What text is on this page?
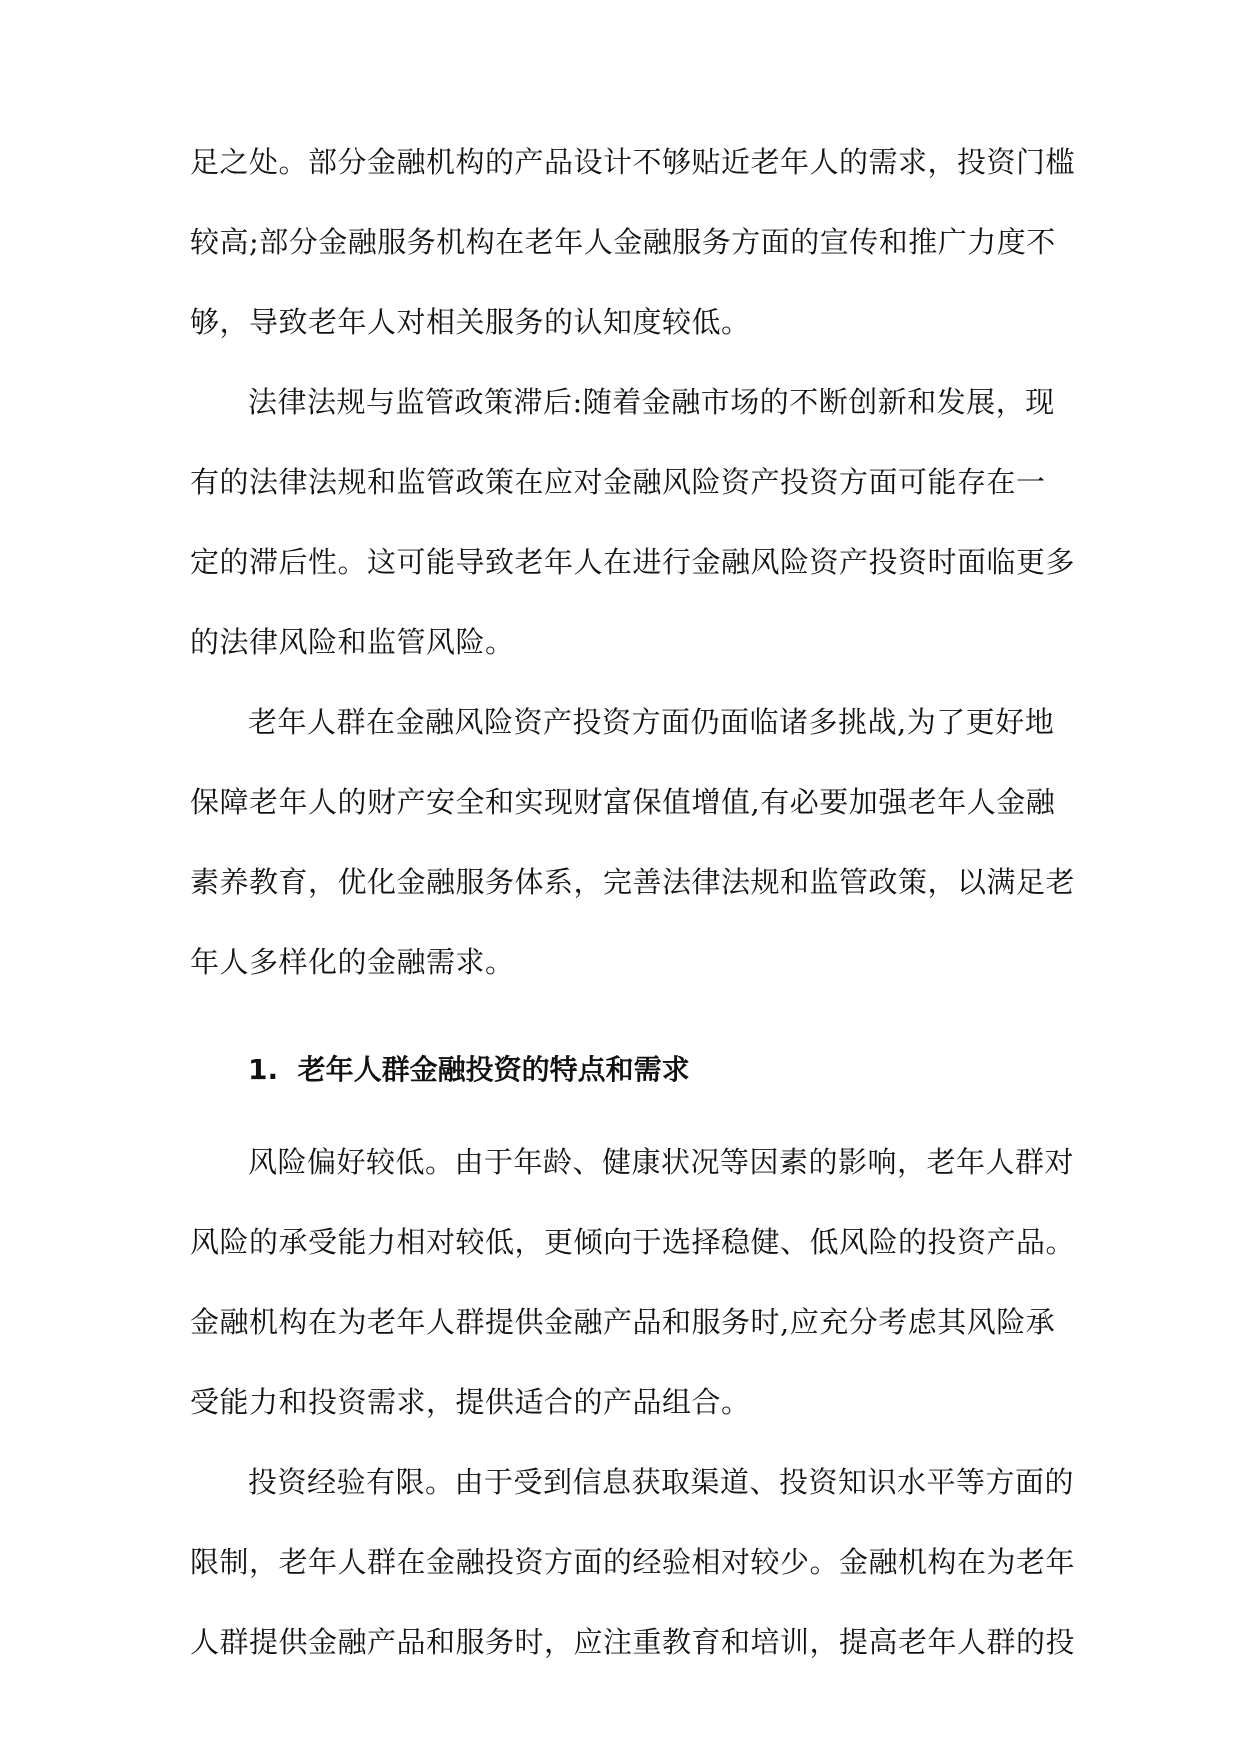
足之处。部分金融机构的产品设计不够贴近老年人的需求，投资门槛

较高;部分金融服务机构在老年人金融服务方面的宣传和推广力度不

够，导致老年人对相关服务的认知度较低。

法律法规与监管政策滞后:随着金融市场的不断创新和发展，现

有的法律法规和监管政策在应对金融风险资产投资方面可能存在一

定的滞后性。这可能导致老年人在进行金融风险资产投资时面临更多

的法律风险和监管风险。

老年人群在金融风险资产投资方面仍面临诸多挑战,为了更好地

保障老年人的财产安全和实现财富保值增值,有必要加强老年人金融

素养教育，优化金融服务体系，完善法律法规和监管政策，以满足老

年人多样化的金融需求。

1. 老年人群金融投资的特点和需求

风险偏好较低。由于年龄、健康状况等因素的影响，老年人群对

风险的承受能力相对较低，更倾向于选择稳健、低风险的投资产品。

金融机构在为老年人群提供金融产品和服务时,应充分考虑其风险承

受能力和投资需求，提供适合的产品组合。

投资经验有限。由于受到信息获取渠道、投资知识水平等方面的

限制，老年人群在金融投资方面的经验相对较少。金融机构在为老年

人群提供金融产品和服务时，应注重教育和培训，提高老年人群的投
